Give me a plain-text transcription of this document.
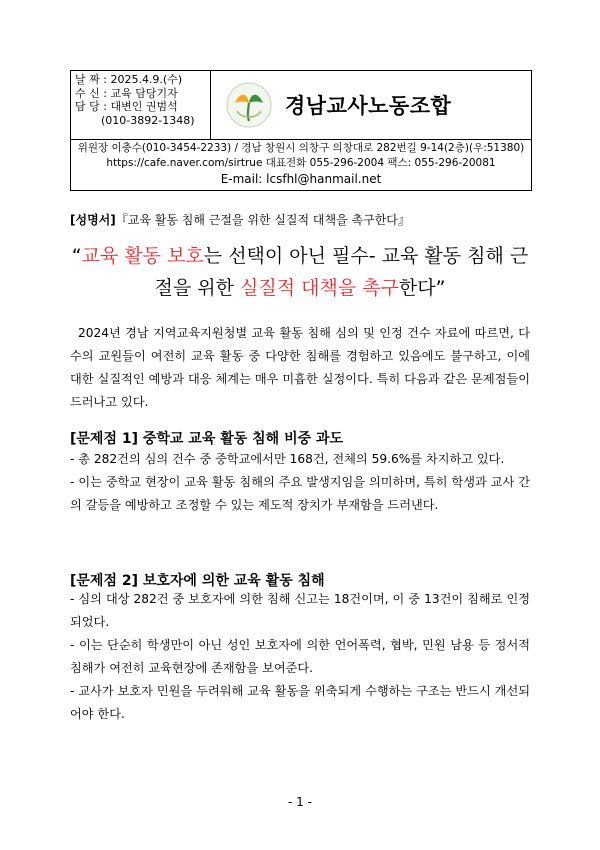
날 짜 : 2025.4.9.(수)
수 신 : 교육 담당기자
담 당 : 대변인 권범석
(010-3892-1348)
경남교사노동조합
위원장 이충수(010-3454-2233) / 경남 창원시 의창구 의창대로 282번길 9-14(2층)(우:51380)
https://cafe.naver.com/sirtrue 대표전화 055-296-2004 팩스: 055-296-20081
E-mail: lcsfhl@hanmail.net
[성명서]『교육 활동 침해 근절을 위한 실질적 대책을 촉구한다』
“교육 활동 보호는 선택이 아닌 필수- 교육 활동 침해 근절을 위한 실질적 대책을 촉구한다”

2024년 경남 지역교육지원청별 교육 활동 침해 심의 및 인정 건수 자료에 따르면, 다수의 교원들이 여전히 교육 활동 중 다양한 침해를 경험하고 있음에도 불구하고, 이에 대한 실질적인 예방과 대응 체계는 매우 미흡한 실정이다. 특히 다음과 같은 문제점들이 드러나고 있다.

[문제점 1] 중학교 교육 활동 침해 비중 과도

- 총 282건의 심의 건수 중 중학교에서만 168건, 전체의 59.6%를 차지하고 있다.

- 이는 중학교 현장이 교육 활동 침해의 주요 발생지임을 의미하며, 특히 학생과 교사 간의 갈등을 예방하고 조정할 수 있는 제도적 장치가 부재함을 드러낸다.

[문제점 2] 보호자에 의한 교육 활동 침해

- 심의 대상 282건 중 보호자에 의한 침해 신고는 18건이며, 이 중 13건이 침해로 인정되었다.

- 이는 단순히 학생만이 아닌 성인 보호자에 의한 언어폭력, 협박, 민원 남용 등 정서적 침해가 여전히 교육현장에 존재함을 보여준다.

- 교사가 보호자 민원을 두려워해 교육 활동을 위축되게 수행하는 구조는 반드시 개선되어야 한다.

- 1 -
